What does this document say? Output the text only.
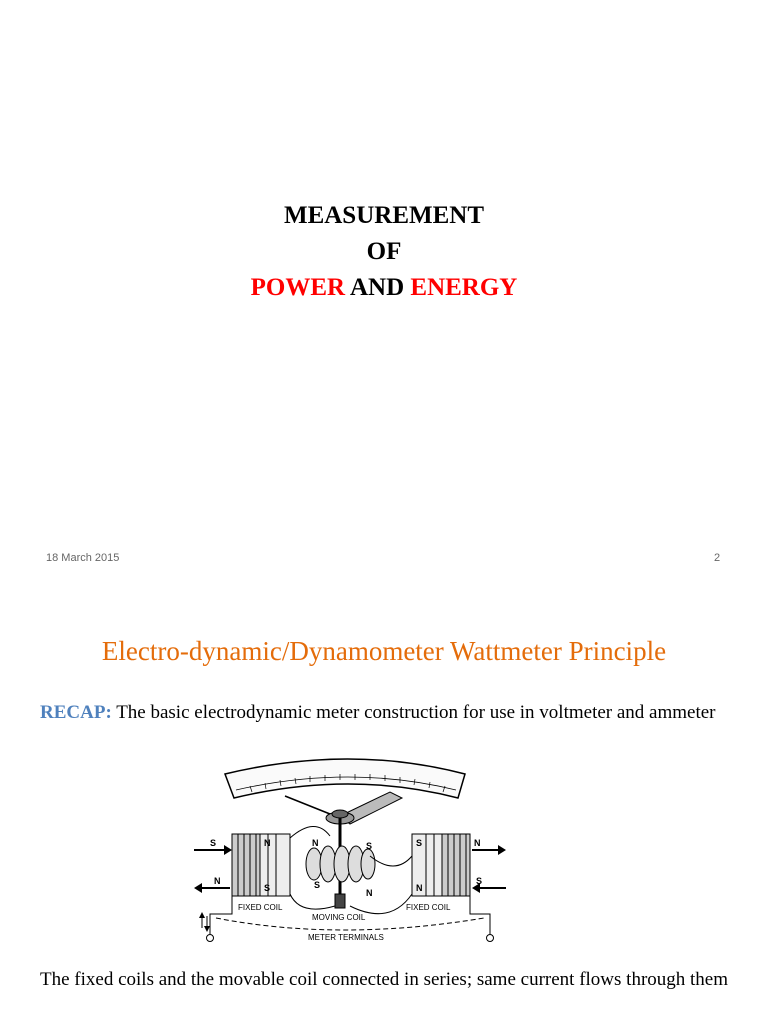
MEASUREMENT
OF
POWER AND ENERGY
18 March 2015	2
Electro-dynamic/Dynamometer Wattmeter Principle
RECAP: The basic electrodynamic meter construction for use in voltmeter and ammeter
N
S
S
N
N	S
S
N
S
N
N
S
FIXED COIL
MOVING COIL
FIXED COIL
METER TERMINALS
The fixed coils and the movable coil connected in series; same current flows through them
